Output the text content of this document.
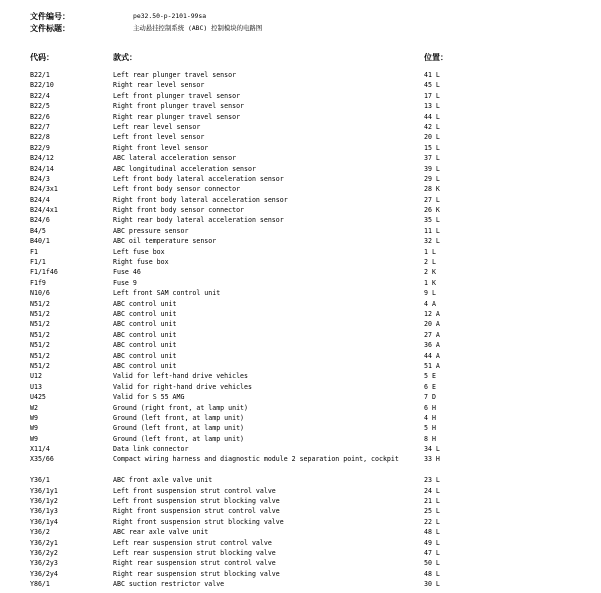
文件编号：	pe32.50-p-2101-99sa
文件标题：	主动悬挂控制系统 (ABC) 控制模块的电路图
代码：	款式：	位置：
B22/1	Left rear plunger travel sensor	41 L
B22/10	Right rear level sensor	45 L
B22/4	Left front plunger travel sensor	17 L
B22/5	Right front plunger travel sensor	13 L
B22/6	Right rear plunger travel sensor	44 L
B22/7	Left rear level sensor	42 L
B22/8	Left front level sensor	20 L
B22/9	Right front level sensor	15 L
B24/12	ABC lateral acceleration sensor	37 L
B24/14	ABC longitudinal acceleration sensor	39 L
B24/3	Left front body lateral acceleration sensor	29 L
B24/3x1	Left front body sensor connector	28 K
B24/4	Right front body lateral acceleration sensor	27 L
B24/4x1	Right front body sensor connector	26 K
B24/6	Right rear body lateral acceleration sensor	35 L
B4/5	ABC pressure sensor	11 L
B40/1	ABC oil temperature sensor	32 L
F1	Left fuse box	1 L
F1/1	Right fuse box	2 L
F1/1f46	Fuse 46	2 K
F1f9	Fuse 9	1 K
N10/6	Left front SAM control unit	9 L
N51/2	ABC control unit	4 A
N51/2	ABC control unit	12 A
N51/2	ABC control unit	20 A
N51/2	ABC control unit	27 A
N51/2	ABC control unit	36 A
N51/2	ABC control unit	44 A
N51/2	ABC control unit	51 A
U12	Valid for left-hand drive vehicles	5 E
U13	Valid for right-hand drive vehicles	6 E
U425	Valid for S 55 AMG	7 D
W2	Ground (right front, at lamp unit)	6 H
W9	Ground (left front, at lamp unit)	4 H
W9	Ground (left front, at lamp unit)	5 H
W9	Ground (left front, at lamp unit)	8 H
X11/4	Data link connector	34 L
X35/66	Compact wiring harness and diagnostic module 2 separation point, cockpit	33 H
Y36/1	ABC front axle valve unit	23 L
Y36/1y1	Left front suspension strut control valve	24 L
Y36/1y2	Left front suspension strut blocking valve	21 L
Y36/1y3	Right front suspension strut control valve	25 L
Y36/1y4	Right front suspension strut blocking valve	22 L
Y36/2	ABC rear axle valve unit	48 L
Y36/2y1	Left rear suspension strut control valve	49 L
Y36/2y2	Left rear suspension strut blocking valve	47 L
Y36/2y3	Right rear suspension strut control valve	50 L
Y36/2y4	Right rear suspension strut blocking valve	48 L
Y86/1	ABC suction restrictor valve	30 L
